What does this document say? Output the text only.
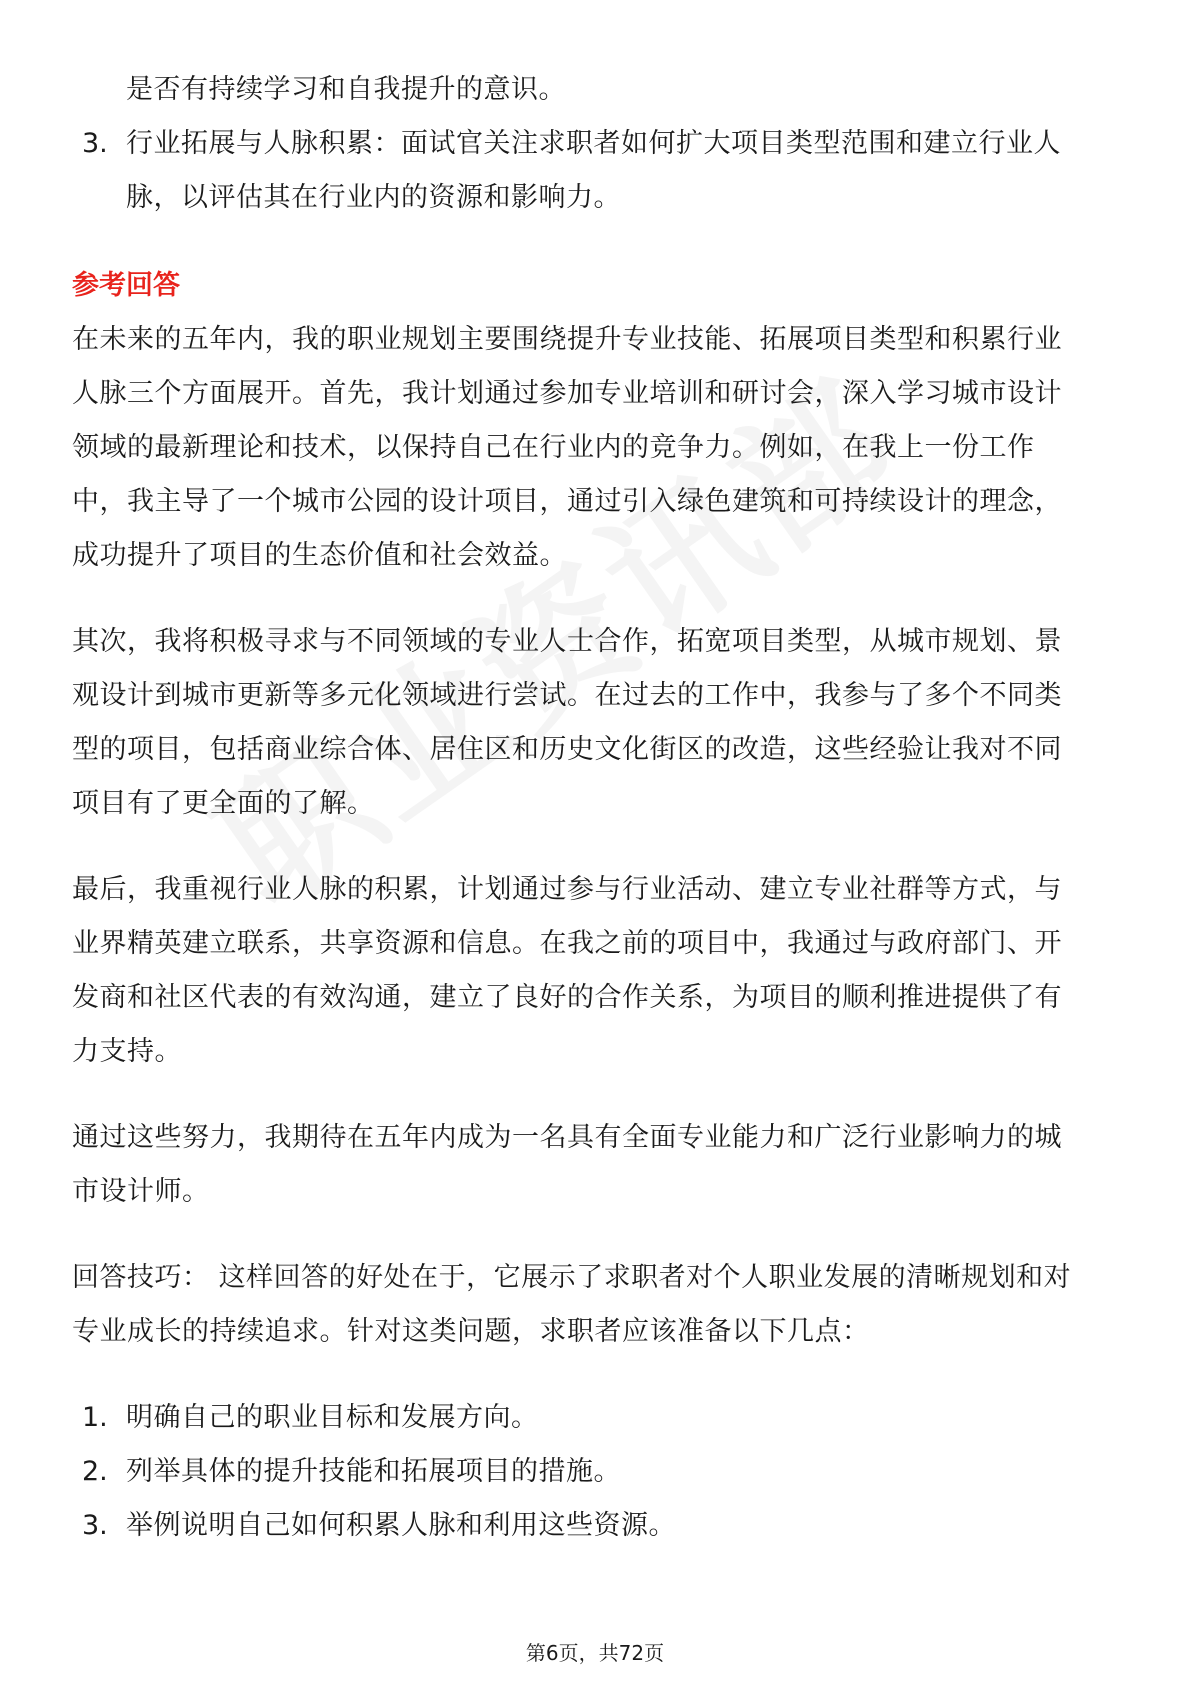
是否有持续学习和自我提升的意识。
3. 行业拓展与人脉积累：面试官关注求职者如何扩大项目类型范围和建立行业人
脉，以评估其在行业内的资源和影响力。
参考回答
在未来的五年内，我的职业规划主要围绕提升专业技能、拓展项目类型和积累行业
人脉三个方面展开。首先，我计划通过参加专业培训和研讨会，深入学习城市设计
领域的最新理论和技术，以保持自己在行业内的竞争力。例如，在我上一份工作
中，我主导了一个城市公园的设计项目，通过引入绿色建筑和可持续设计的理念，
成功提升了项目的生态价值和社会效益。
其次，我将积极寻求与不同领域的专业人士合作，拓宽项目类型，从城市规划、景
观设计到城市更新等多元化领域进行尝试。在过去的工作中，我参与了多个不同类
型的项目，包括商业综合体、居住区和历史文化街区的改造，这些经验让我对不同
项目有了更全面的了解。
最后，我重视行业人脉的积累，计划通过参与行业活动、建立专业社群等方式，与
业界精英建立联系，共享资源和信息。在我之前的项目中，我通过与政府部门、开
发商和社区代表的有效沟通，建立了良好的合作关系，为项目的顺利推进提供了有
力支持。
通过这些努力，我期待在五年内成为一名具有全面专业能力和广泛行业影响力的城
市设计师。
回答技巧： 这样回答的好处在于，它展示了求职者对个人职业发展的清晰规划和对
专业成长的持续追求。针对这类问题，求职者应该准备以下几点：
1. 明确自己的职业目标和发展方向。
2. 列举具体的提升技能和拓展项目的措施。
3. 举例说明自己如何积累人脉和利用这些资源。
第6页，共72页
